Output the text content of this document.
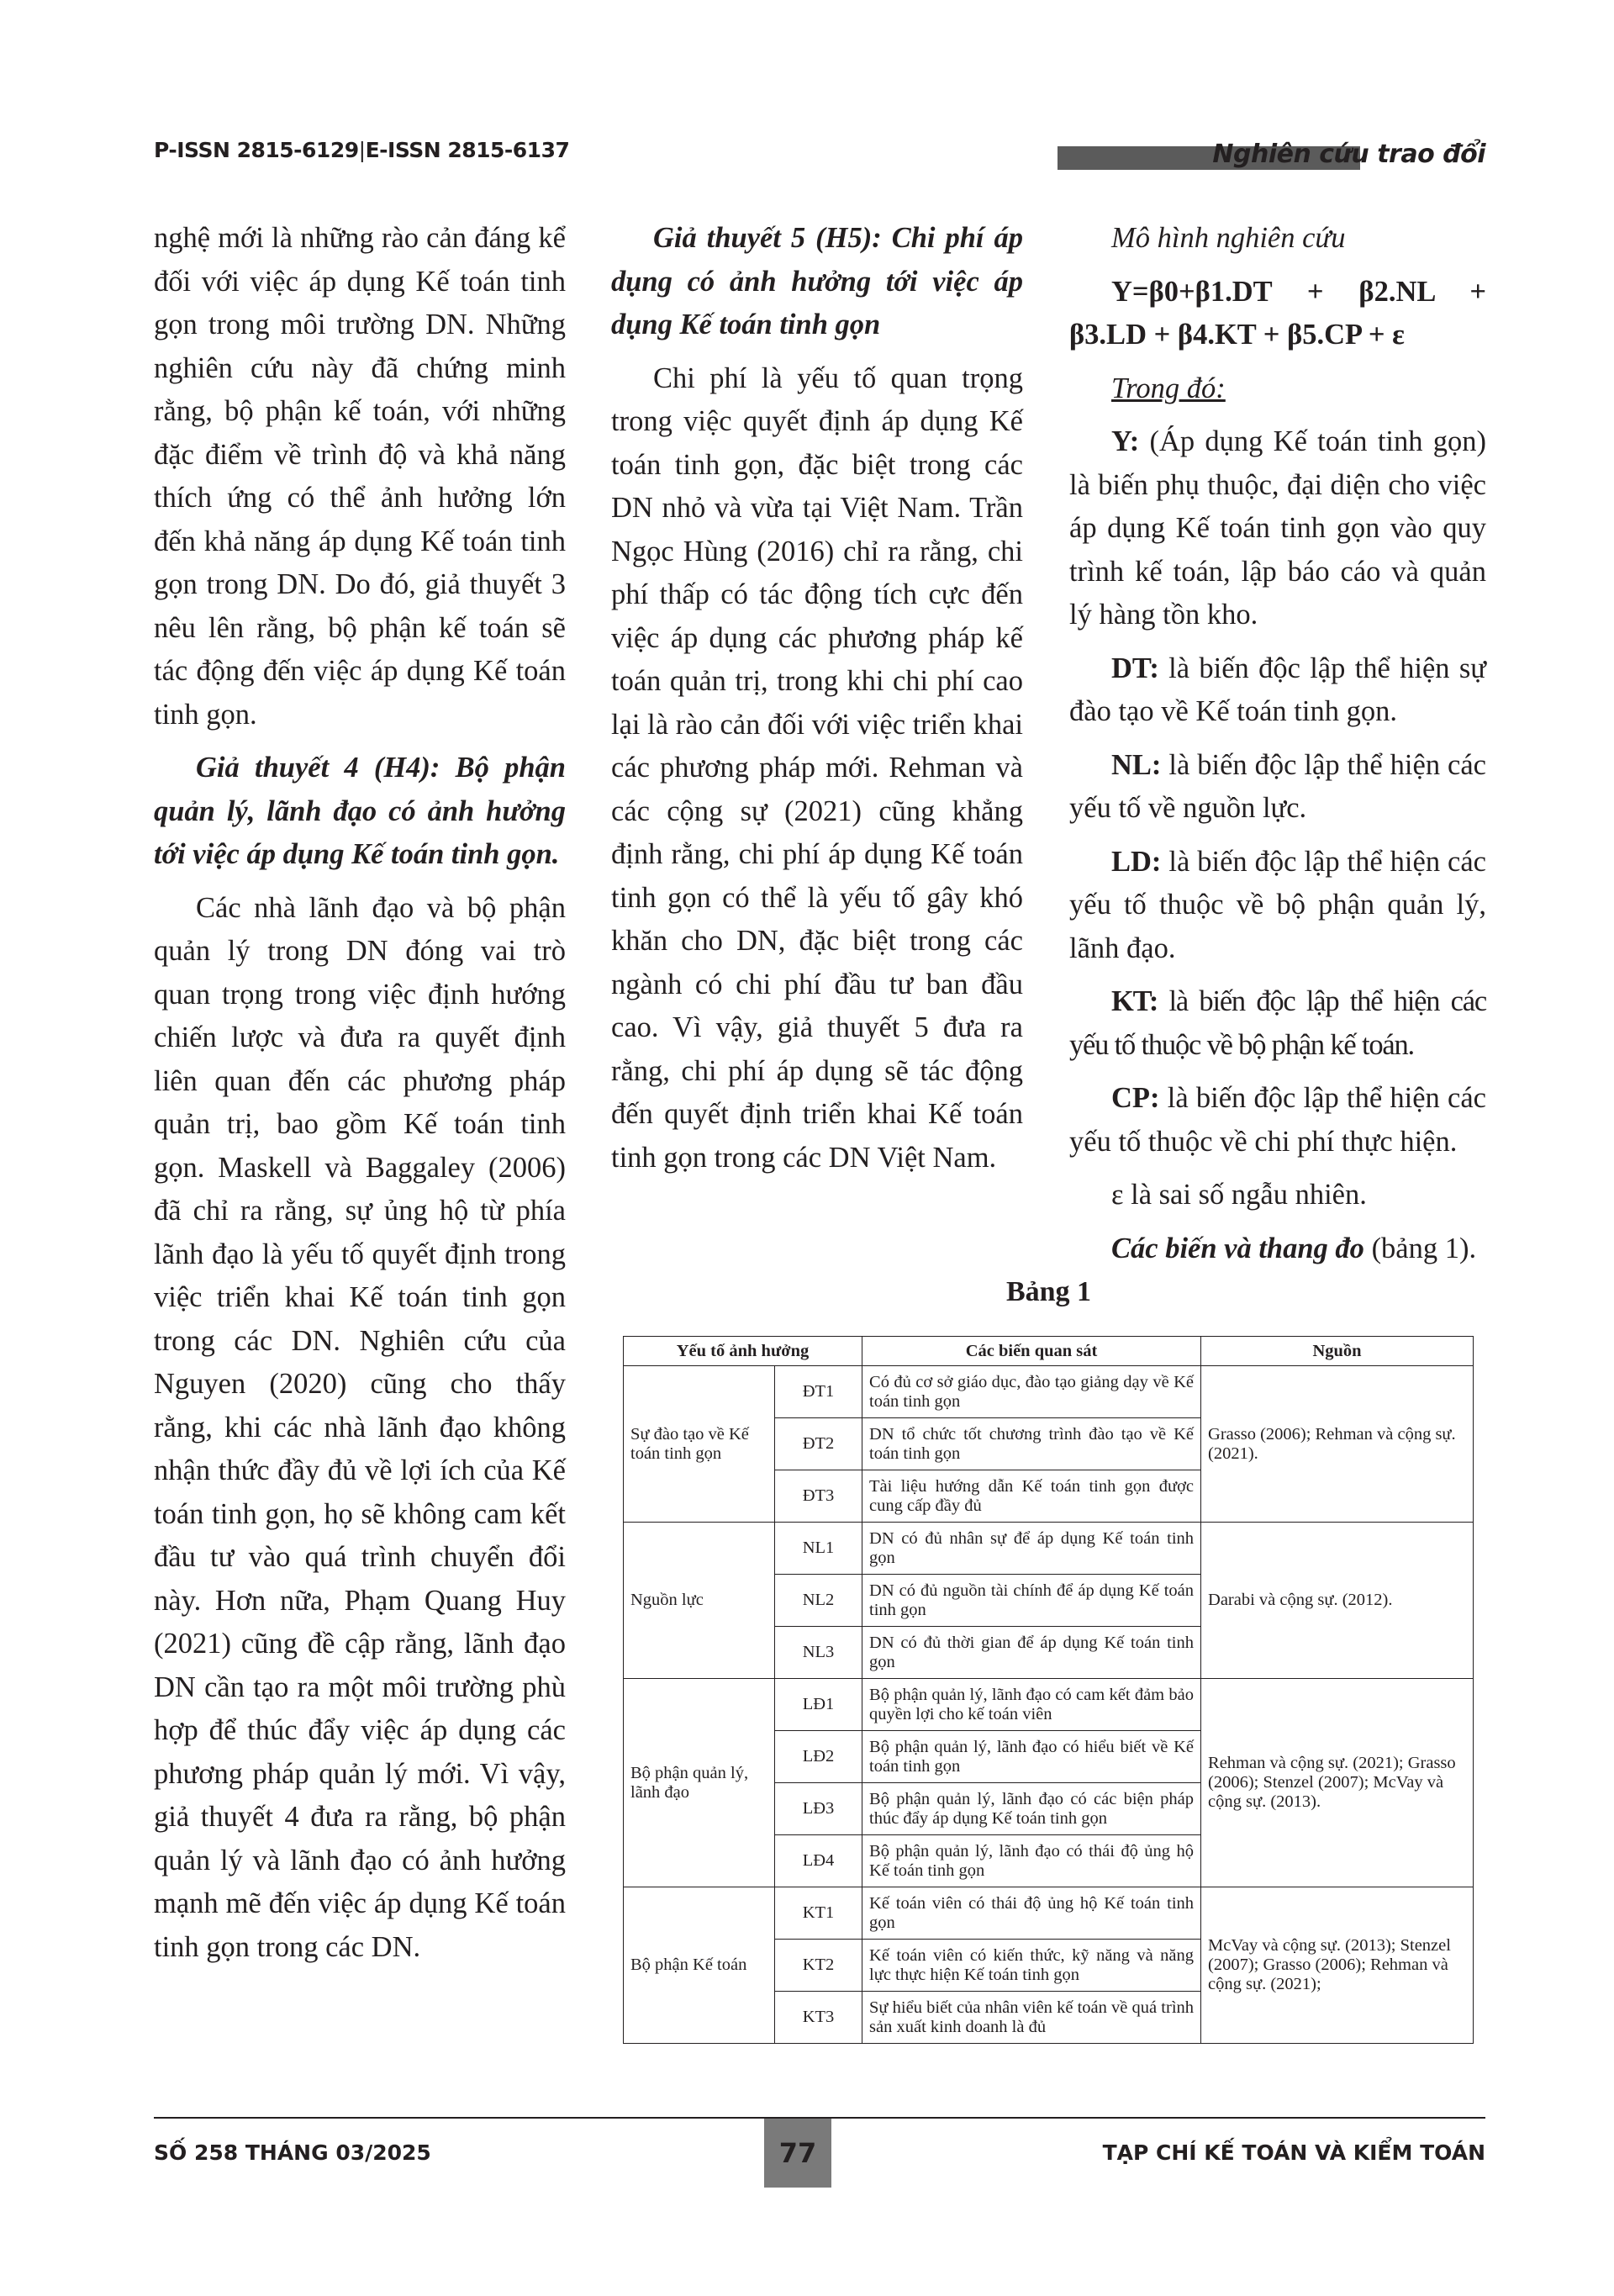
P-ISSN 2815-6129|E-ISSN 2815-6137	Nghiên cứu trao đổi

nghệ mới là những rào cản đáng kể đối với việc áp dụng Kế toán tinh gọn trong môi trường DN. Những nghiên cứu này đã chứng minh rằng, bộ phận kế toán, với những đặc điểm về trình độ và khả năng thích ứng có thể ảnh hưởng lớn đến khả năng áp dụng Kế toán tinh gọn trong DN. Do đó, giả thuyết 3 nêu lên rằng, bộ phận kế toán sẽ tác động đến việc áp dụng Kế toán tinh gọn.

Giả thuyết 4 (H4): Bộ phận quản lý, lãnh đạo có ảnh hưởng tới việc áp dụng Kế toán tinh gọn.

Các nhà lãnh đạo và bộ phận quản lý trong DN đóng vai trò quan trọng trong việc định hướng chiến lược và đưa ra quyết định liên quan đến các phương pháp quản trị, bao gồm Kế toán tinh gọn. Maskell và Baggaley (2006) đã chỉ ra rằng, sự ủng hộ từ phía lãnh đạo là yếu tố quyết định trong việc triển khai Kế toán tinh gọn trong các DN. Nghiên cứu của Nguyen (2020) cũng cho thấy rằng, khi các nhà lãnh đạo không nhận thức đầy đủ về lợi ích của Kế toán tinh gọn, họ sẽ không cam kết đầu tư vào quá trình chuyển đổi này. Hơn nữa, Phạm Quang Huy (2021) cũng đề cập rằng, lãnh đạo DN cần tạo ra một môi trường phù hợp để thúc đẩy việc áp dụng các phương pháp quản lý mới. Vì vậy, giả thuyết 4 đưa ra rằng, bộ phận quản lý và lãnh đạo có ảnh hưởng mạnh mẽ đến việc áp dụng Kế toán tinh gọn trong các DN.

Giả thuyết 5 (H5): Chi phí áp dụng có ảnh hưởng tới việc áp dụng Kế toán tinh gọn

Chi phí là yếu tố quan trọng trong việc quyết định áp dụng Kế toán tinh gọn, đặc biệt trong các DN nhỏ và vừa tại Việt Nam. Trần Ngọc Hùng (2016) chỉ ra rằng, chi phí thấp có tác động tích cực đến việc áp dụng các phương pháp kế toán quản trị, trong khi chi phí cao lại là rào cản đối với việc triển khai các phương pháp mới. Rehman và các cộng sự (2021) cũng khẳng định rằng, chi phí áp dụng Kế toán tinh gọn có thể là yếu tố gây khó khăn cho DN, đặc biệt trong các ngành có chi phí đầu tư ban đầu cao. Vì vậy, giả thuyết 5 đưa ra rằng, chi phí áp dụng sẽ tác động đến quyết định triển khai Kế toán tinh gọn trong các DN Việt Nam.

Mô hình nghiên cứu

Y=β0+β1.DT + β2.NL + β3.LD + β4.KT + β5.CP + ε

Trong đó:

Y: (Áp dụng Kế toán tinh gọn) là biến phụ thuộc, đại diện cho việc áp dụng Kế toán tinh gọn vào quy trình kế toán, lập báo cáo và quản lý hàng tồn kho.

DT: là biến độc lập thể hiện sự đào tạo về Kế toán tinh gọn.

NL: là biến độc lập thể hiện các yếu tố về nguồn lực.

LD: là biến độc lập thể hiện các yếu tố thuộc về bộ phận quản lý, lãnh đạo.

KT: là biến độc lập thể hiện các yếu tố thuộc về bộ phận kế toán.

CP: là biến độc lập thể hiện các yếu tố thuộc về chi phí thực hiện.

ε là sai số ngẫu nhiên.

Các biến và thang đo (bảng 1).

Bảng 1
Yếu tố ảnh hưởng		Các biến quan sát	Nguồn
Sự đào tạo về Kế toán tinh gọn	ĐT1	Có đủ cơ sở giáo dục, đào tạo giảng dạy về Kế toán tinh gọn	Grasso (2006); Rehman và cộng sự. (2021).
	ĐT2	DN tổ chức tốt chương trình đào tạo về Kế toán tinh gọn	
	ĐT3	Tài liệu hướng dẫn Kế toán tinh gọn được cung cấp đầy đủ	
Nguồn lực	NL1	DN có đủ nhân sự để áp dụng Kế toán tinh gọn	Darabi và cộng sự. (2012).
	NL2	DN có đủ nguồn tài chính để áp dụng Kế toán tinh gọn	
	NL3	DN có đủ thời gian để áp dụng Kế toán tinh gọn	
Bộ phận quản lý, lãnh đạo	LĐ1	Bộ phận quản lý, lãnh đạo có cam kết đảm bảo quyền lợi cho kế toán viên	Rehman và cộng sự. (2021); Grasso (2006); Stenzel (2007); McVay và cộng sự. (2013).
	LĐ2	Bộ phận quản lý, lãnh đạo có hiểu biết về Kế toán tinh gọn	
	LĐ3	Bộ phận quản lý, lãnh đạo có các biện pháp thúc đẩy áp dụng Kế toán tinh gọn	
	LĐ4	Bộ phận quản lý, lãnh đạo có thái độ ủng hộ Kế toán tinh gọn	
Bộ phận Kế toán	KT1	Kế toán viên có thái độ ủng hộ Kế toán tinh gọn	McVay và cộng sự. (2013); Stenzel (2007); Grasso (2006); Rehman và cộng sự. (2021);
	KT2	Kế toán viên có kiến thức, kỹ năng và năng lực thực hiện Kế toán tinh gọn	
	KT3	Sự hiểu biết của nhân viên kế toán về quá trình sản xuất kinh doanh là đủ	
SỐ 258 THÁNG 03/2025	77	TẠP CHÍ KẾ TOÁN VÀ KIỂM TOÁN
